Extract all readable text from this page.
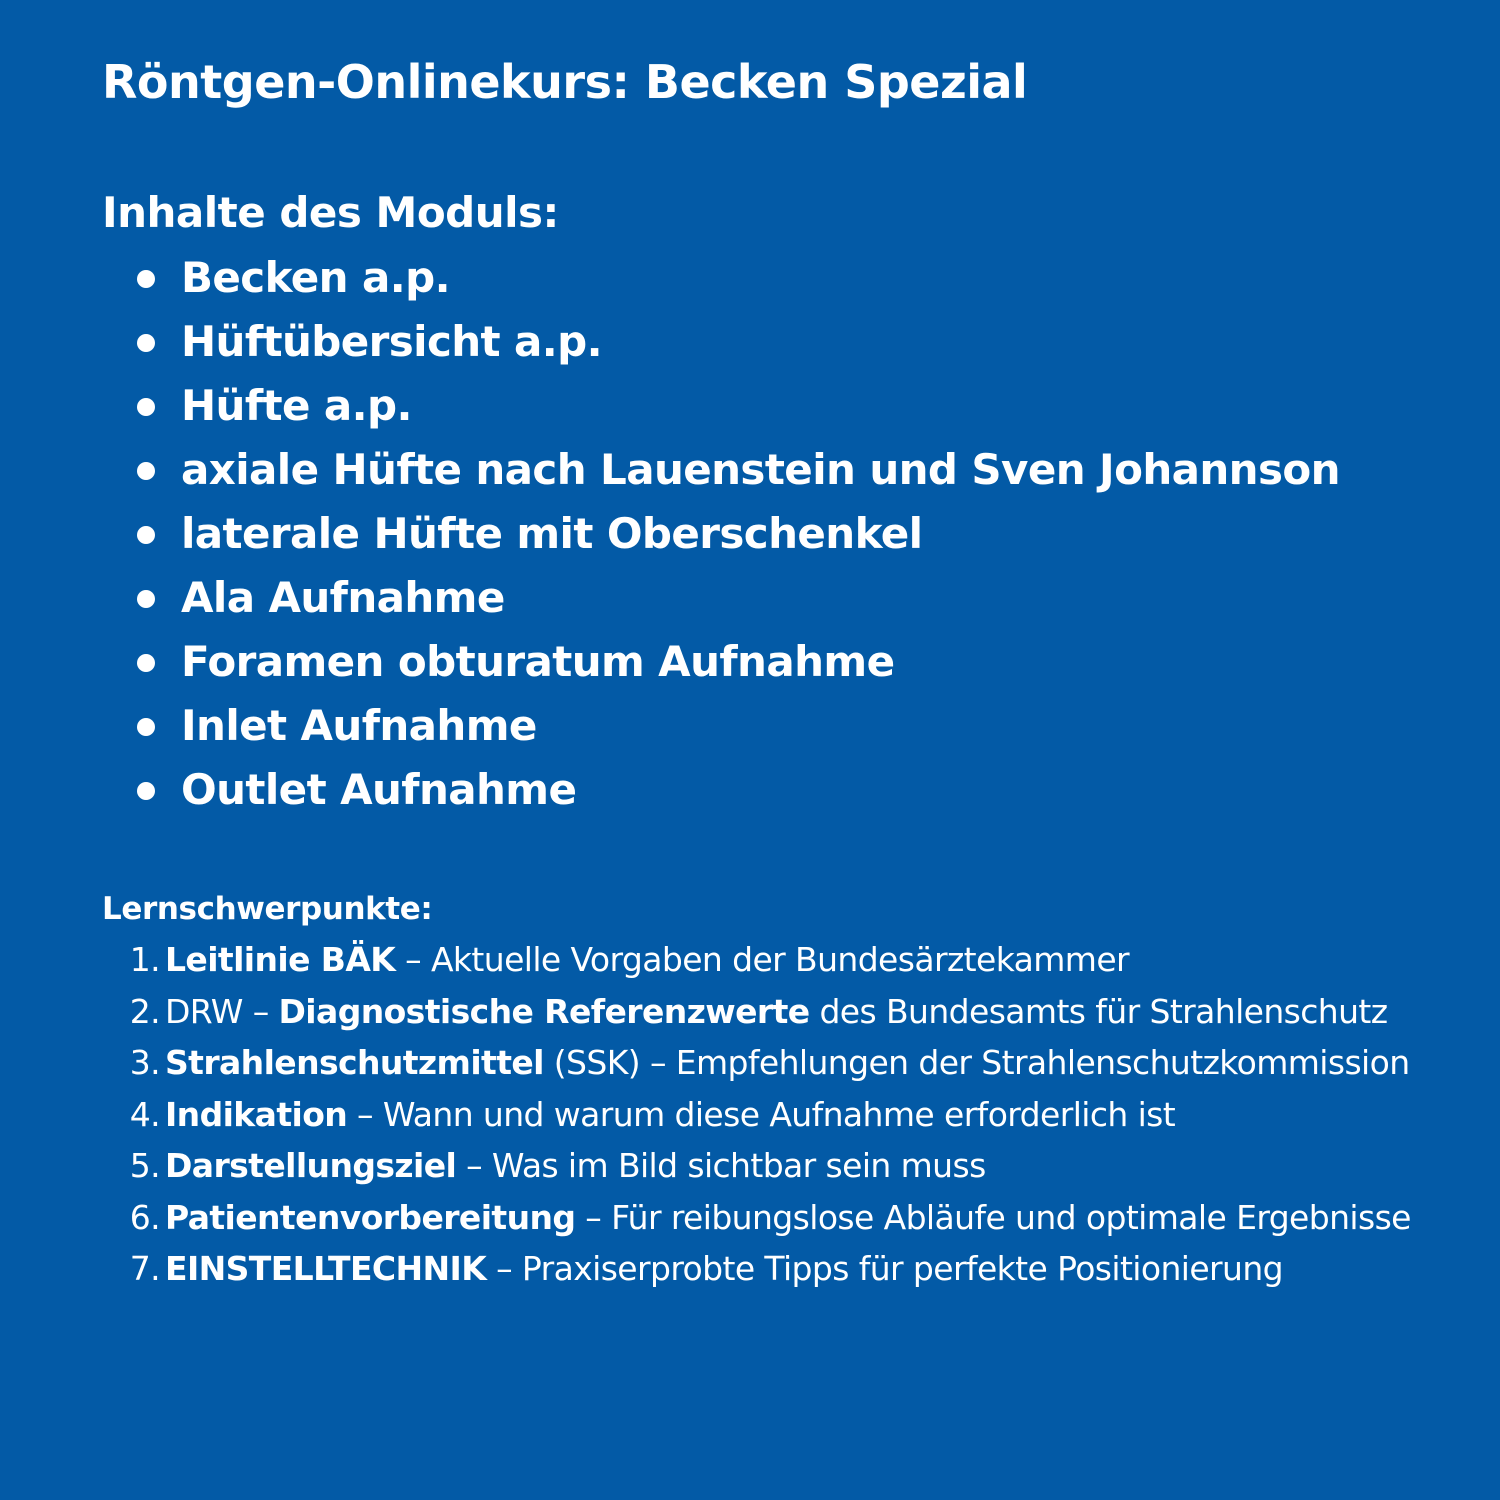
Röntgen-Onlinekurs: Becken Spezial
Inhalte des Moduls:
Becken a.p.
Hüftübersicht a.p.
Hüfte a.p.
axiale Hüfte nach Lauenstein und Sven Johannson
laterale Hüfte mit Oberschenkel
Ala Aufnahme
Foramen obturatum Aufnahme
Inlet Aufnahme
Outlet Aufnahme
Lernschwerpunkte:
1. Leitlinie BÄK – Aktuelle Vorgaben der Bundesärztekammer
2. DRW – Diagnostische Referenzwerte des Bundesamts für Strahlenschutz
3. Strahlenschutzmittel (SSK) – Empfehlungen der Strahlenschutzkommission
4. Indikation – Wann und warum diese Aufnahme erforderlich ist
5. Darstellungsziel – Was im Bild sichtbar sein muss
6. Patientenvorbereitung – Für reibungslose Abläufe und optimale Ergebnisse
7. EINSTELLTECHNIK – Praxiserprobte Tipps für perfekte Positionierung
